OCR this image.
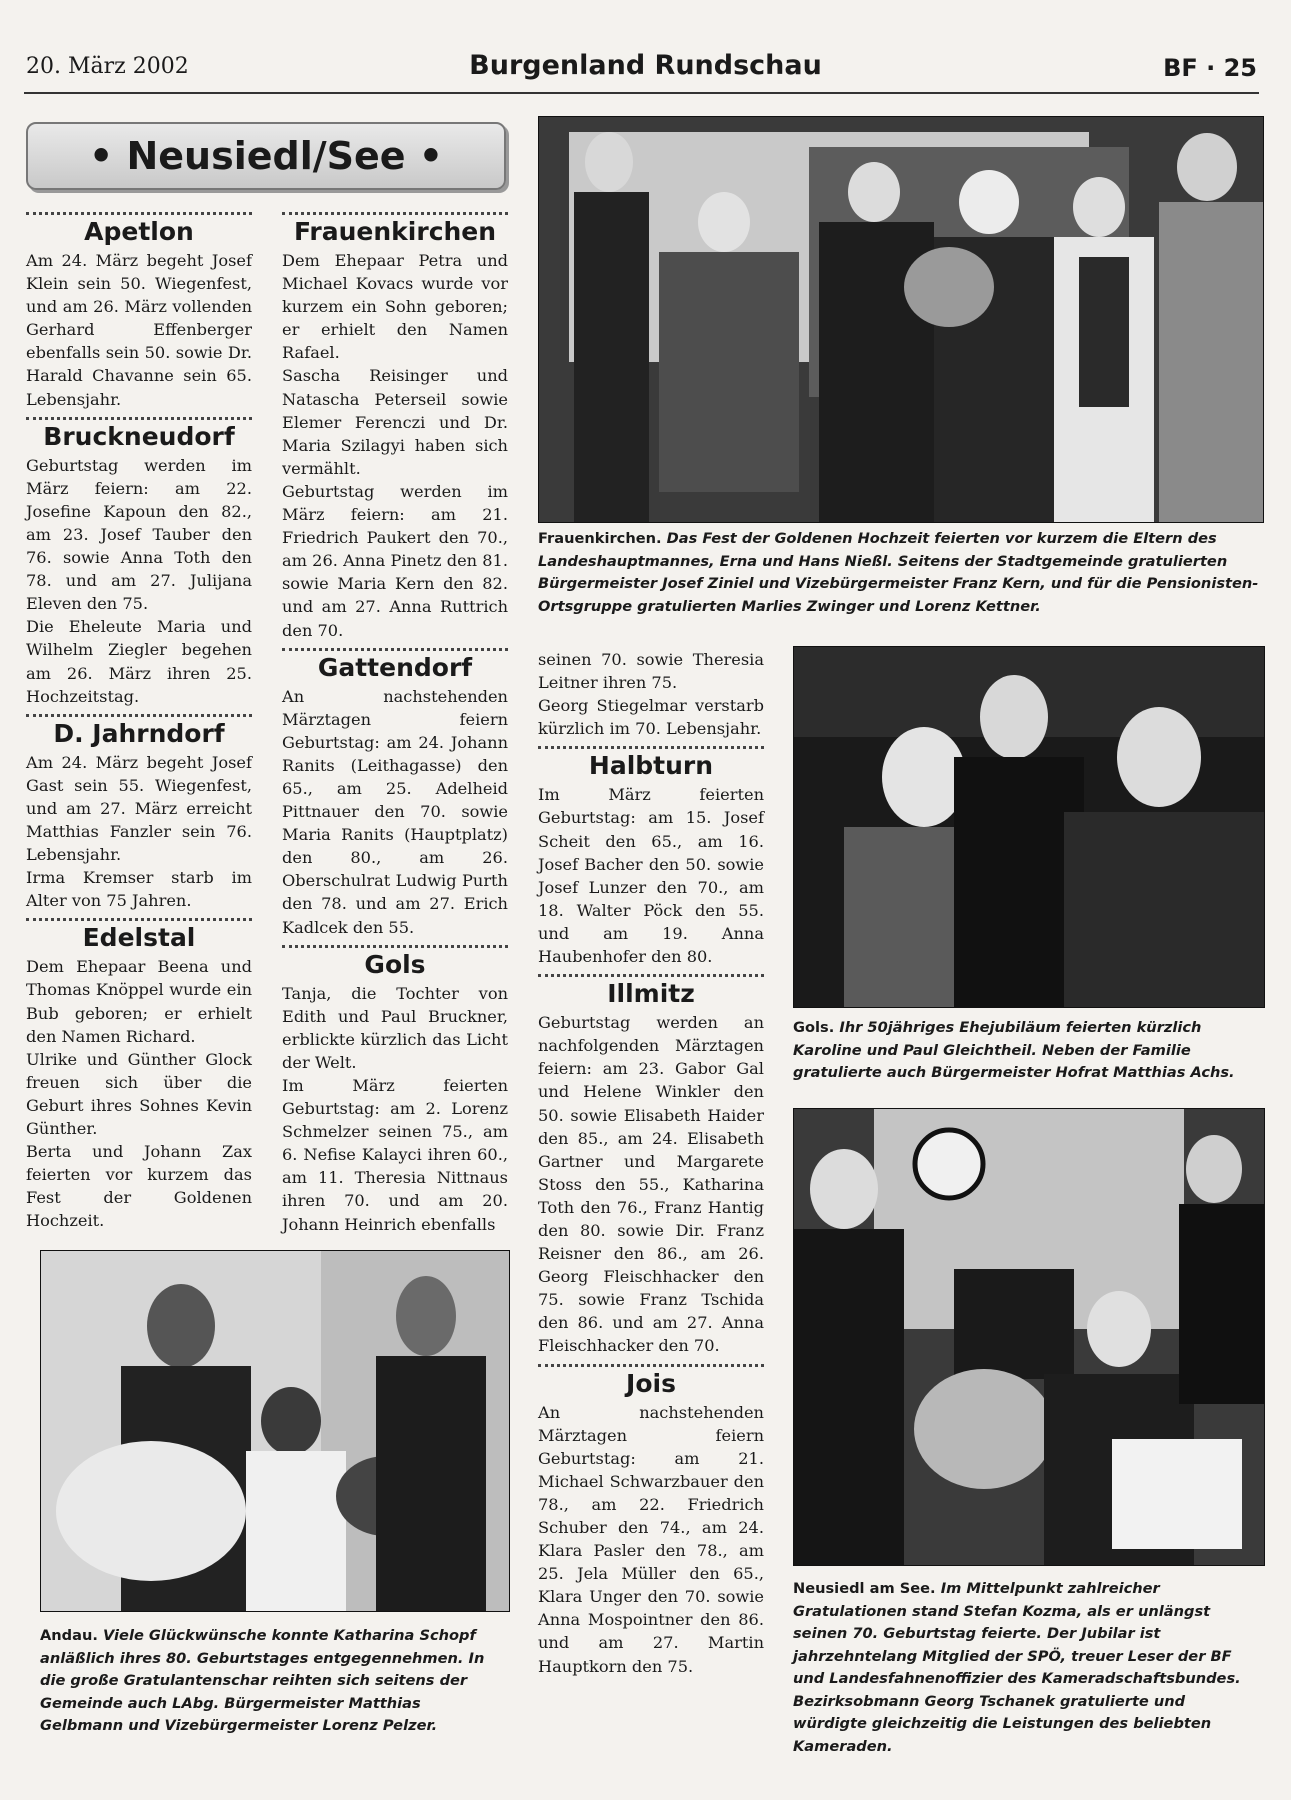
20. März 2002	Burgenland Rundschau	BF · 25
• Neusiedl/See •
Apetlon

Am 24. März begeht Josef Klein sein 50. Wiegenfest, und am 26. März vollenden Gerhard Effenberger ebenfalls sein 50. sowie Dr. Harald Chavanne sein 65. Lebensjahr.

Bruckneudorf

Geburtstag werden im März feiern: am 22. Josefine Kapoun den 82., am 23. Josef Tauber den 76. sowie Anna Toth den 78. und am 27. Julijana Eleven den 75.

Die Eheleute Maria und Wilhelm Ziegler begehen am 26. März ihren 25. Hochzeitstag.

D. Jahrndorf

Am 24. März begeht Josef Gast sein 55. Wiegenfest, und am 27. März erreicht Matthias Fanzler sein 76. Lebensjahr.

Irma Kremser starb im Alter von 75 Jahren.

Edelstal

Dem Ehepaar Beena und Thomas Knöppel wurde ein Bub geboren; er erhielt den Namen Richard.

Ulrike und Günther Glock freuen sich über die Geburt ihres Sohnes Kevin Günther.

Berta und Johann Zax feierten vor kurzem das Fest der Goldenen Hochzeit.

Frauenkirchen

Dem Ehepaar Petra und Michael Kovacs wurde vor kurzem ein Sohn geboren; er erhielt den Namen Rafael.

Sascha Reisinger und Natascha Peterseil sowie Elemer Ferenczi und Dr. Maria Szilagyi haben sich vermählt.

Geburtstag werden im März feiern: am 21. Friedrich Paukert den 70., am 26. Anna Pinetz den 81. sowie Maria Kern den 82. und am 27. Anna Ruttrich den 70.

Gattendorf

An nachstehenden Märztagen feiern Geburtstag: am 24. Johann Ranits (Leithagasse) den 65., am 25. Adelheid Pittnauer den 70. sowie Maria Ranits (Hauptplatz) den 80., am 26. Oberschulrat Ludwig Purth den 78. und am 27. Erich Kadlcek den 55.

Gols

Tanja, die Tochter von Edith und Paul Bruckner, erblickte kürzlich das Licht der Welt.

Im März feierten Geburtstag: am 2. Lorenz Schmelzer seinen 75., am 6. Nefise Kalayci ihren 60., am 11. Theresia Nittnaus ihren 70. und am 20. Johann Heinrich ebenfalls

seinen 70. sowie Theresia Leitner ihren 75.

Georg Stiegelmar verstarb kürzlich im 70. Lebensjahr.

Halbturn

Im März feierten Geburtstag: am 15. Josef Scheit den 65., am 16. Josef Bacher den 50. sowie Josef Lunzer den 70., am 18. Walter Pöck den 55. und am 19. Anna Haubenhofer den 80.

Illmitz

Geburtstag werden an nachfolgenden Märztagen feiern: am 23. Gabor Gal und Helene Winkler den 50. sowie Elisabeth Haider den 85., am 24. Elisabeth Gartner und Margarete Stoss den 55., Katharina Toth den 76., Franz Hantig den 80. sowie Dir. Franz Reisner den 86., am 26. Georg Fleischhacker den 75. sowie Franz Tschida den 86. und am 27. Anna Fleischhacker den 70.

Jois

An nachstehenden Märztagen feiern Geburtstag: am 21. Michael Schwarzbauer den 78., am 22. Friedrich Schuber den 74., am 24. Klara Pasler den 78., am 25. Jela Müller den 65., Klara Unger den 70. sowie Anna Mospointner den 86. und am 27. Martin Hauptkorn den 75.

Frauenkirchen. Das Fest der Goldenen Hochzeit feierten vor kurzem die Eltern des Landeshauptmannes, Erna und Hans Nießl. Seitens der Stadtgemeinde gratulierten Bürgermeister Josef Ziniel und Vizebürgermeister Franz Kern, und für die Pensionisten-Ortsgruppe gratulierten Marlies Zwinger und Lorenz Kettner.
Gols. Ihr 50jähriges Ehejubiläum feierten kürzlich Karoline und Paul Gleichtheil. Neben der Familie gratulierte auch Bürgermeister Hofrat Matthias Achs.
Andau. Viele Glückwünsche konnte Katharina Schopf anläßlich ihres 80. Geburtstages entgegennehmen. In die große Gratulantenschar reihten sich seitens der Gemeinde auch LAbg. Bürgermeister Matthias Gelbmann und Vizebürgermeister Lorenz Pelzer.
Neusiedl am See. Im Mittelpunkt zahlreicher Gratulationen stand Stefan Kozma, als er unlängst seinen 70. Geburtstag feierte. Der Jubilar ist jahrzehntelang Mitglied der SPÖ, treuer Leser der BF und Landesfahnenoffizier des Kameradschaftsbundes. Bezirksobmann Georg Tschanek gratulierte und würdigte gleichzeitig die Leistungen des beliebten Kameraden.
